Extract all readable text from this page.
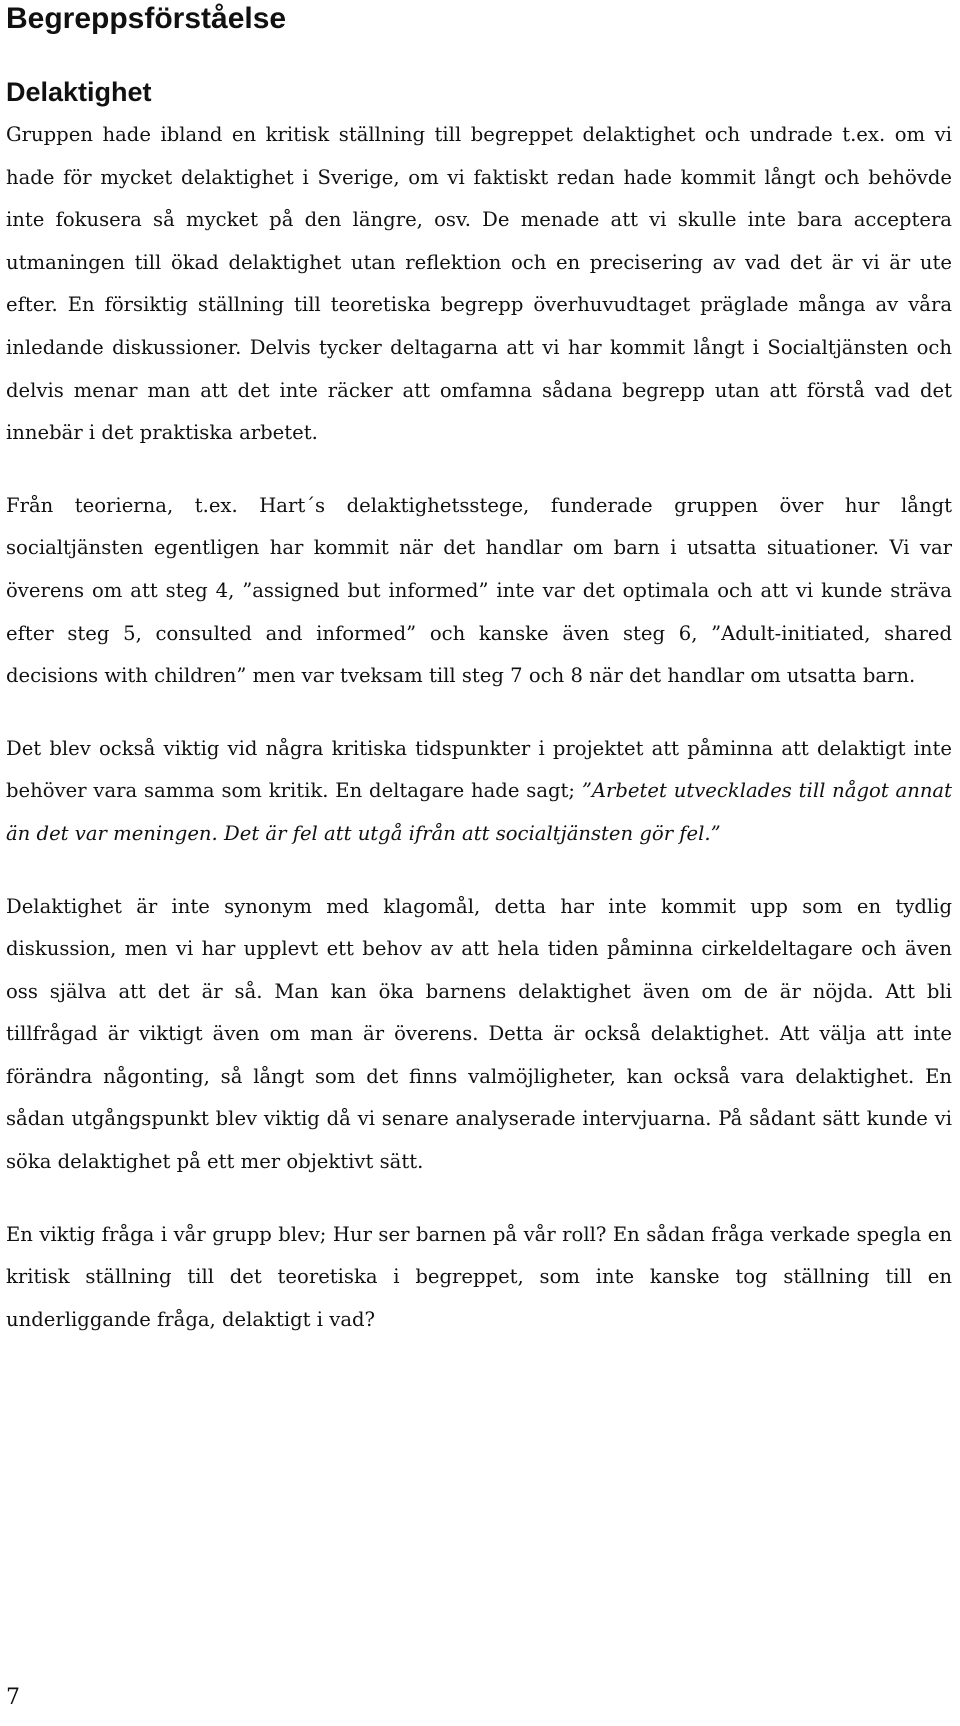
Begreppsförståelse
Delaktighet

Gruppen hade ibland en kritisk ställning till begreppet delaktighet och undrade t.ex. om vi hade för mycket delaktighet i Sverige, om vi faktiskt redan hade kommit långt och behövde inte fokusera så mycket på den längre, osv. De menade att vi skulle inte bara acceptera utmaningen till ökad delaktighet utan reflektion och en precisering av vad det är vi är ute efter. En försiktig ställning till teoretiska begrepp överhuvudtaget präglade många av våra inledande diskussioner. Delvis tycker deltagarna att vi har kommit långt i Socialtjänsten och delvis menar man att det inte räcker att omfamna sådana begrepp utan att förstå vad det innebär i det praktiska arbetet.

Från teorierna, t.ex. Hart´s delaktighetsstege, funderade gruppen över hur långt socialtjänsten egentligen har kommit när det handlar om barn i utsatta situationer. Vi var överens om att steg 4, ”assigned but informed” inte var det optimala och att vi kunde sträva efter steg 5, consulted and informed” och kanske även steg 6, ”Adult-initiated, shared decisions with children” men var tveksam till steg 7 och 8 när det handlar om utsatta barn.

Det blev också viktig vid några kritiska tidspunkter i projektet att påminna att delaktigt inte behöver vara samma som kritik. En deltagare hade sagt; ”Arbetet utvecklades till något annat än det var meningen. Det är fel att utgå ifrån att socialtjänsten gör fel.”

Delaktighet är inte synonym med klagomål, detta har inte kommit upp som en tydlig diskussion, men vi har upplevt ett behov av att hela tiden påminna cirkeldeltagare och även oss själva att det är så. Man kan öka barnens delaktighet även om de är nöjda. Att bli tillfrågad är viktigt även om man är överens. Detta är också delaktighet. Att välja att inte förändra någonting, så långt som det finns valmöjligheter, kan också vara delaktighet. En sådan utgångspunkt blev viktig då vi senare analyserade intervjuarna. På sådant sätt kunde vi söka delaktighet på ett mer objektivt sätt.

En viktig fråga i vår grupp blev; Hur ser barnen på vår roll? En sådan fråga verkade spegla en kritisk ställning till det teoretiska i begreppet, som inte kanske tog ställning till en underliggande fråga, delaktigt i vad?

7
